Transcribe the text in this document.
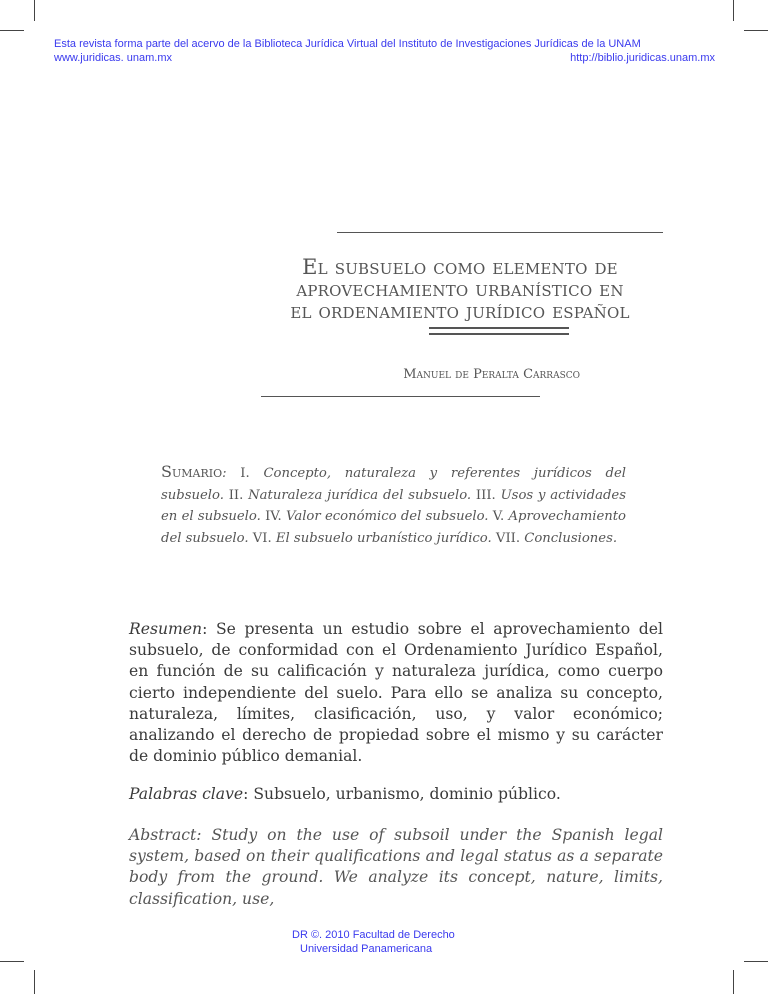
Esta revista forma parte del acervo de la Biblioteca Jurídica Virtual del Instituto de Investigaciones Jurídicas de la UNAM
www.juridicas. unam.mx	http://biblio.juridicas.unam.mx
El subsuelo como elemento de
aprovechamiento urbanístico en
el ordenamiento jurídico español
Manuel de Peralta Carrasco
Sumario: I. Concepto, naturaleza y referentes jurídicos del subsuelo. II. Naturaleza jurídica del subsuelo. III. Usos y actividades en el subsuelo. IV. Valor económico del subsuelo. V. Aprovechamiento del subsuelo. VI. El subsuelo urbanístico jurídico. VII. Conclusiones.
Resumen: Se presenta un estudio sobre el aprovechamiento del subsuelo, de conformidad con el Ordenamiento Jurídico Español, en función de su calificación y naturaleza jurídica, como cuerpo cierto independiente del suelo. Para ello se analiza su concepto, naturaleza, límites, clasificación, uso, y valor económico; analizando el derecho de propiedad sobre el mismo y su carácter de dominio público demanial.
Palabras clave: Subsuelo, urbanismo, dominio público.
Abstract: Study on the use of subsoil under the Spanish legal system, based on their qualifications and legal status as a separate body from the ground. We analyze its concept, nature, limits, classification, use,
DR ©. 2010 Facultad de Derecho
Universidad Panamericana
